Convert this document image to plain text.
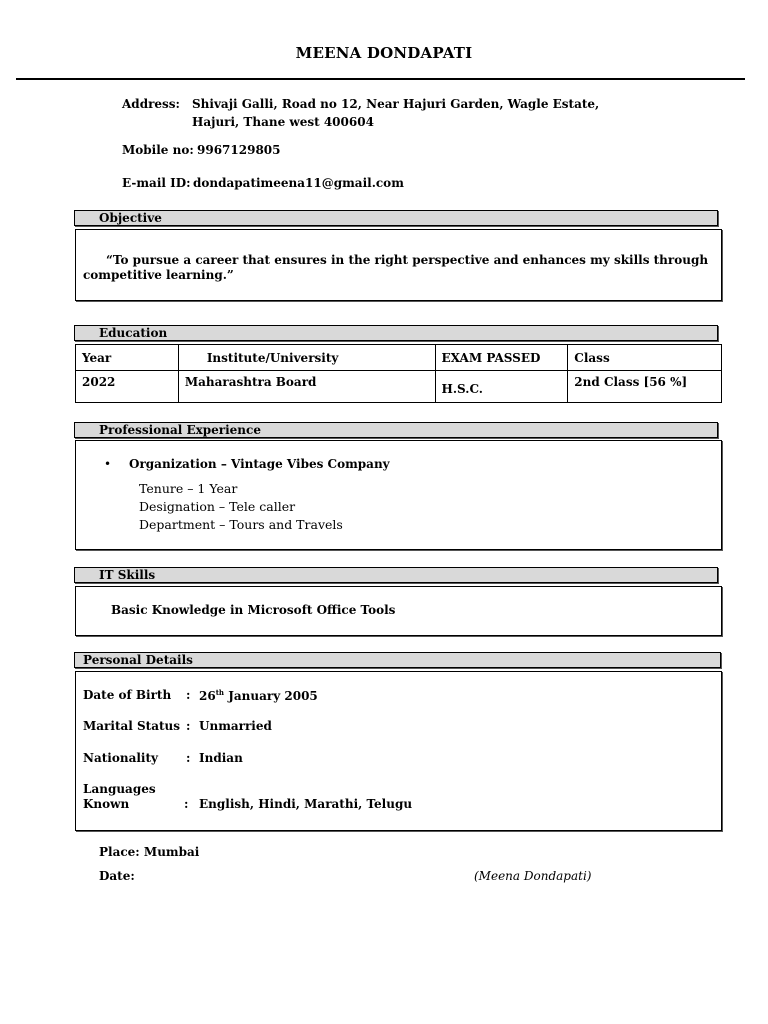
MEENA DONDAPATI
Address: Shivaji Galli, Road no 12, Near Hajuri Garden, Wagle Estate,
Hajuri, Thane west 400604
Mobile no: 9967129805
E-mail ID: dondapatimeena11@gmail.com
Objective
“To pursue a career that ensures in the right perspective and enhances my skills through
competitive learning.”
Education
Year	Institute/University	EXAM PASSED	Class
2022	Maharashtra Board	H.S.C.	2nd Class [56 %]
Professional Experience
• Organization – Vintage Vibes Company
Tenure – 1 Year
Designation – Tele caller
Department – Tours and Travels
IT Skills
Basic Knowledge in Microsoft Office Tools
Personal Details
Date of Birth : 26th January 2005
Marital Status : Unmarried
Nationality : Indian
Languages
Known	: English, Hindi, Marathi, Telugu
Place: Mumbai
Date:	(Meena Dondapati)
